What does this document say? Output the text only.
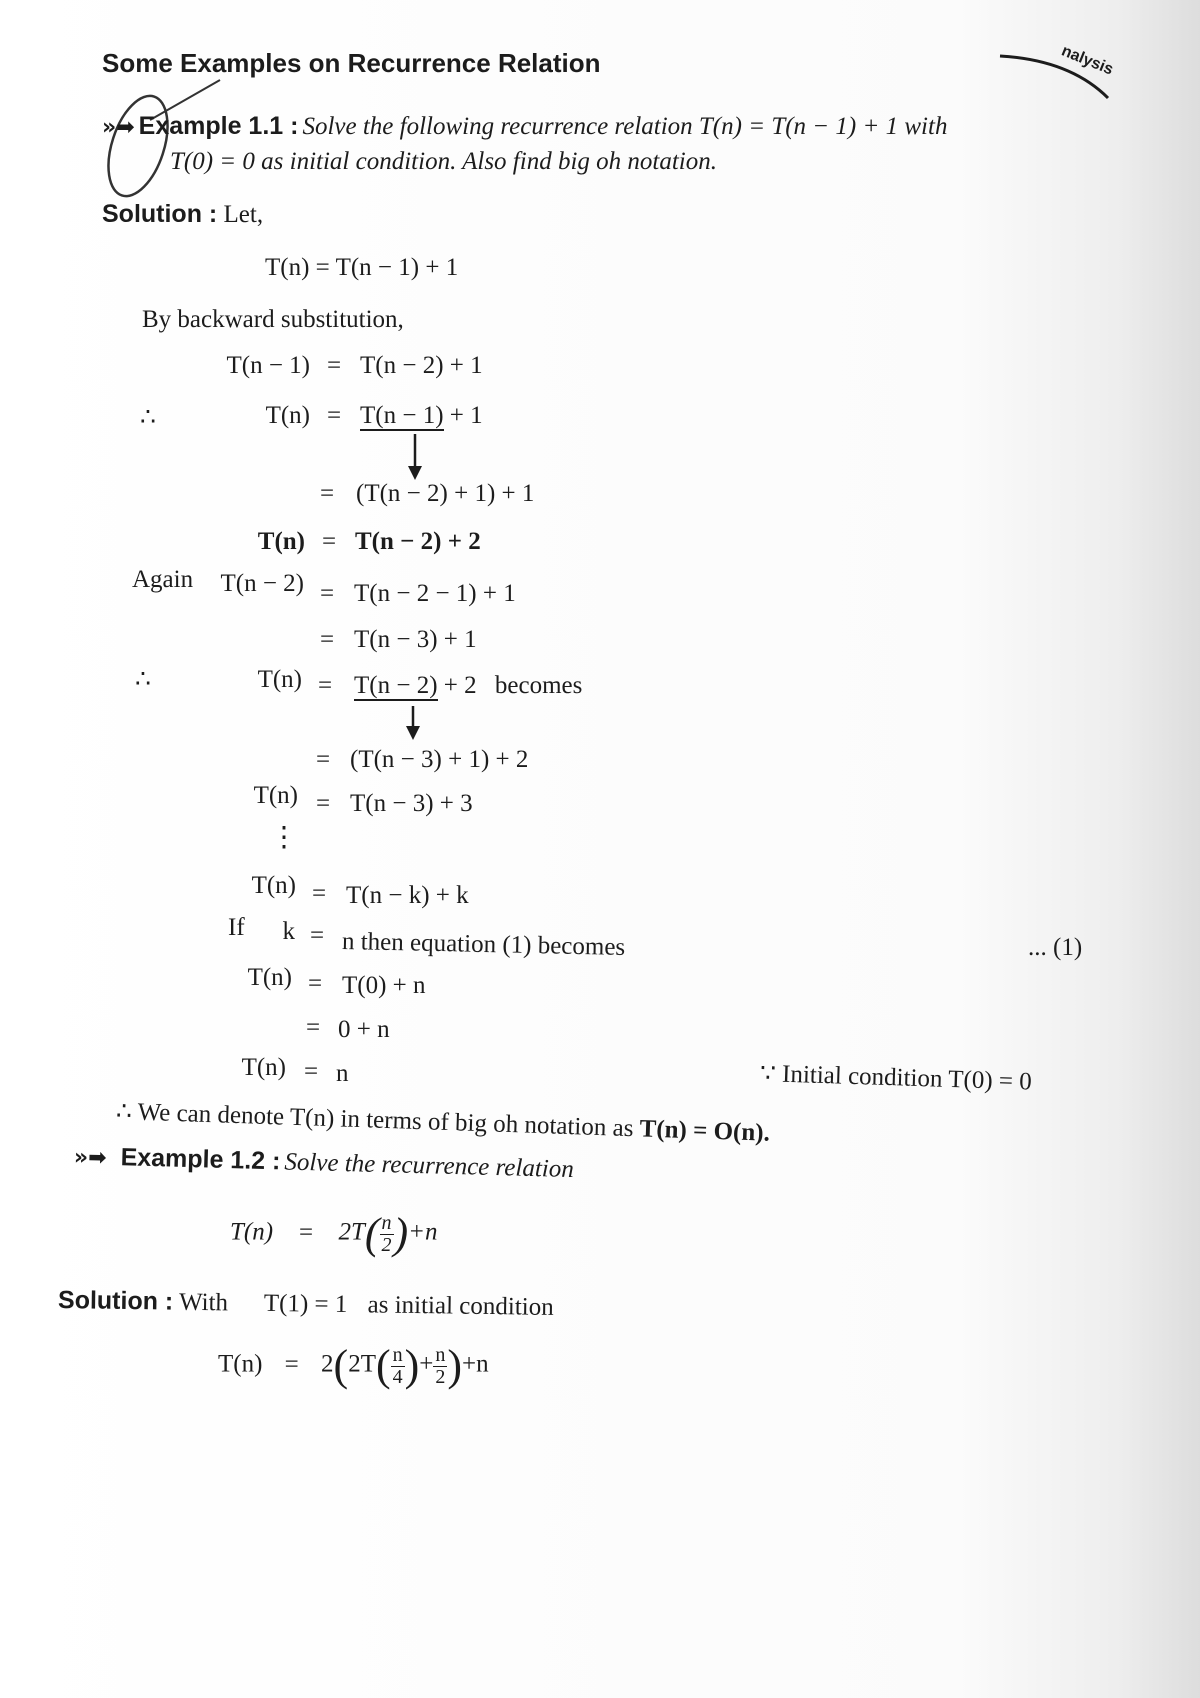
Some Examples on Recurrence Relation	nalysis
»➡ Example 1.1 : Solve the following recurrence relation T(n) = T(n − 1) + 1 with
T(0) = 0 as initial condition. Also find big oh notation.
Solution : Let,
T(n) = T(n − 1) + 1
By backward substitution,
T(n − 1) = T(n − 2) + 1
∴	T(n) = T(n − 1) + 1
= (T(n − 2) + 1) + 1
T(n) = T(n − 2) + 2
Again T(n − 2) = T(n − 2 − 1) + 1
= T(n − 3) + 1
∴	T(n) = T(n − 2) + 2 becomes
= (T(n − 3) + 1) + 2
T(n) = T(n − 3) + 3
⋮
T(n) = T(n − k) + k
... (1)
If k = n then equation (1) becomes
T(n) = T(0) + n
= 0 + n
T(n) = n	∵ Initial condition T(0) = 0
∴ We can denote T(n) in terms of big oh notation as T(n) = O(n).
»➡ Example 1.2 : Solve the recurrence relation
$T(n) = 2T( \frac{n}{2} )+n$
Solution : With T(1) = 1 as initial condition
$T(n) = 2(2T( \frac{n}{4}$ )+ $\frac{n}{2} )+n$
